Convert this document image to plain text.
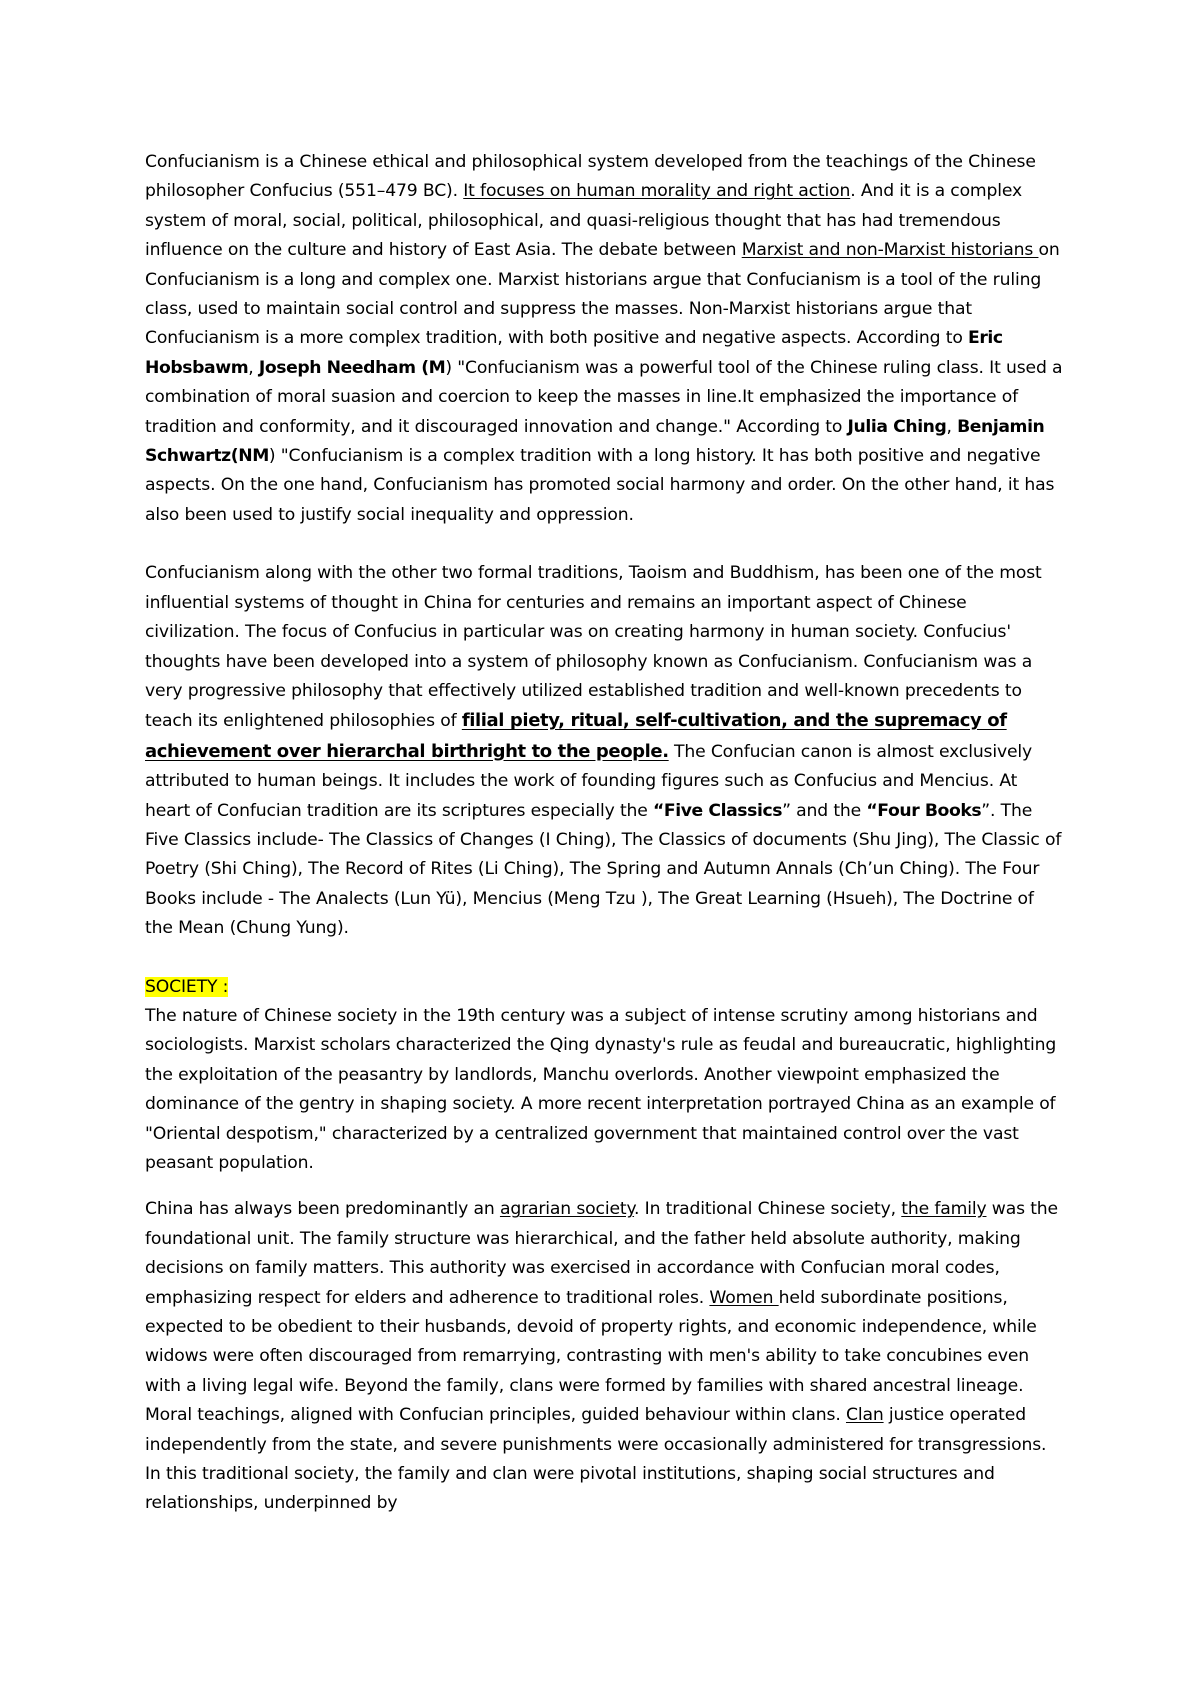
Confucianism is a Chinese ethical and philosophical system developed from the teachings of the Chinese philosopher Confucius (551–479 BC). It focuses on human morality and right action. And it is a complex system of moral, social, political, philosophical, and quasi-religious thought that has had tremendous influence on the culture and history of East Asia. The debate between Marxist and non-Marxist historians on Confucianism is a long and complex one. Marxist historians argue that Confucianism is a tool of the ruling class, used to maintain social control and suppress the masses. Non-Marxist historians argue that Confucianism is a more complex tradition, with both positive and negative aspects. According to Eric Hobsbawm, Joseph Needham (M) "Confucianism was a powerful tool of the Chinese ruling class. It used a combination of moral suasion and coercion to keep the masses in line.It emphasized the importance of tradition and conformity, and it discouraged innovation and change." According to Julia Ching, Benjamin Schwartz(NM) "Confucianism is a complex tradition with a long history. It has both positive and negative aspects. On the one hand, Confucianism has promoted social harmony and order. On the other hand, it has also been used to justify social inequality and oppression.

Confucianism along with the other two formal traditions, Taoism and Buddhism, has been one of the most influential systems of thought in China for centuries and remains an important aspect of Chinese civilization. The focus of Confucius in particular was on creating harmony in human society. Confucius' thoughts have been developed into a system of philosophy known as Confucianism. Confucianism was a very progressive philosophy that effectively utilized established tradition and well-known precedents to teach its enlightened philosophies of filial piety, ritual, self-cultivation, and the supremacy of achievement over hierarchal birthright to the people. The Confucian canon is almost exclusively attributed to human beings. It includes the work of founding figures such as Confucius and Mencius. At heart of Confucian tradition are its scriptures especially the “Five Classics” and the “Four Books”. The Five Classics include- The Classics of Changes (I Ching), The Classics of documents (Shu Jing), The Classic of Poetry (Shi Ching), The Record of Rites (Li Ching), The Spring and Autumn Annals (Ch’un Ching). The Four Books include - The Analects (Lun Yü), Mencius (Meng Tzu ), The Great Learning (Hsueh), The Doctrine of the Mean (Chung Yung).

SOCIETY :

The nature of Chinese society in the 19th century was a subject of intense scrutiny among historians and sociologists. Marxist scholars characterized the Qing dynasty's rule as feudal and bureaucratic, highlighting the exploitation of the peasantry by landlords, Manchu overlords. Another viewpoint emphasized the dominance of the gentry in shaping society. A more recent interpretation portrayed China as an example of "Oriental despotism," characterized by a centralized government that maintained control over the vast peasant population.

China has always been predominantly an agrarian society. In traditional Chinese society, the family was the foundational unit. The family structure was hierarchical, and the father held absolute authority, making decisions on family matters. This authority was exercised in accordance with Confucian moral codes, emphasizing respect for elders and adherence to traditional roles. Women held subordinate positions, expected to be obedient to their husbands, devoid of property rights, and economic independence, while widows were often discouraged from remarrying, contrasting with men's ability to take concubines even with a living legal wife. Beyond the family, clans were formed by families with shared ancestral lineage. Moral teachings, aligned with Confucian principles, guided behaviour within clans. Clan justice operated independently from the state, and severe punishments were occasionally administered for transgressions. In this traditional society, the family and clan were pivotal institutions, shaping social structures and relationships, underpinned by
